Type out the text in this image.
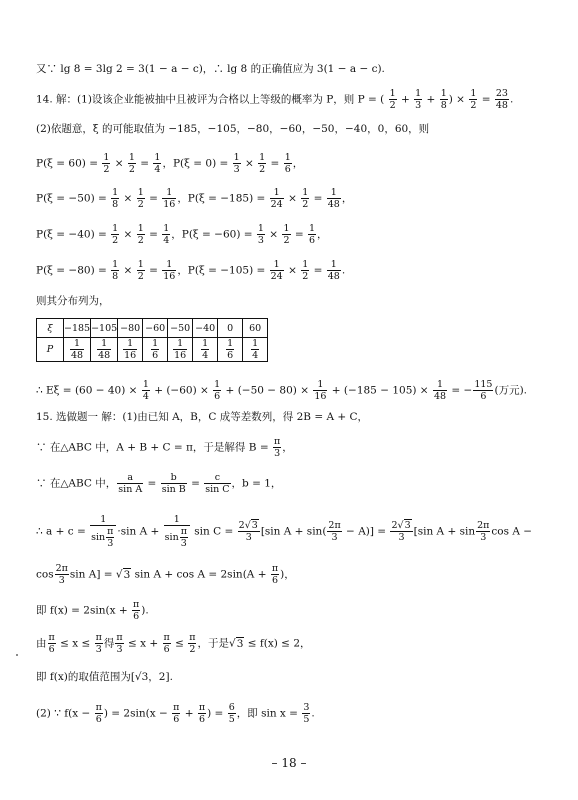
又∵ lg 8 = 3lg 2 = 3(1 − a − c)，∴ lg 8 的正确值应为 3(1 − a − c).
14. 解：(1)设该企业能被抽中且被评为合格以上等级的概率为 P，则 P = ( $\frac{1}{2} + \frac{1}{3} + \frac{1}{8}$ ) × $\frac{1}{2} = \frac{23}{48}$ .
(2)依题意，ξ 的可能取值为 −185，−105，−80，−60，−50，−40，0，60，则
$P(\xi = 60) = \frac{1}{2} \times \frac{1}{2} = \frac{1}{4}$ ，$P(\xi = 0) = \frac{1}{3} \times \frac{1}{2} = \frac{1}{6}$ ，
$P(\xi = -50) = \frac{1}{8} \times \frac{1}{2} = \frac{1}{16}$ ，$P(\xi = -185) = \frac{1}{24} \times \frac{1}{2} = \frac{1}{48}$ ，
$P(\xi = -40) = \frac{1}{2} \times \frac{1}{2} = \frac{1}{4}$ ，$P(\xi = -60) = \frac{1}{3} \times \frac{1}{2} = \frac{1}{6}$ ，
$P(\xi = -80) = \frac{1}{8} \times \frac{1}{2} = \frac{1}{16}$ ，$P(\xi = -105) = \frac{1}{24} \times \frac{1}{2} = \frac{1}{48}$ .
则其分布列为，
ξ	−185	−105	−80	−60	−50	−40	0	60
P	$\frac{1}{48}$	$\frac{1}{48}$	$\frac{1}{16}$	$\frac{1}{6}$	$\frac{1}{16}$	$\frac{1}{4}$	$\frac{1}{6}$	$\frac{1}{4}$
∴ $E\xi = (60 - 40) \times \frac{1}{4} + (-60) \times \frac{1}{6} + (-50 - 80) \times \frac{1}{16} + (-185 - 105) \times \frac{1}{48}$ = − $\frac{115}{6}$ (万元).
15. 选做题一 解：(1)由已知 A，B，C 成等差数列，得 2B = A + C，
∵ 在△ABC 中，A + B + C = π，于是解得 $B = \frac{\pi}{3}$ ，
∵ 在△ABC 中， $\frac{a}{\text{sin A}} = \frac{b}{\text{sin B}} = \frac{c}{\text{sin C}}$ ，b = 1，
∴ $a + c = \frac{1}{\sin \frac{\pi}{3}} \cdot\sin$ $A + \frac{1}{\sin \frac{\pi}{3}}$ $\sin C = \frac{2√3}{3} [\sin$ $A + \sin( \frac{2\pi}{3} - A)] = \frac{2√3}{3} [\sin$ $A + \sin \frac{2\pi}{3}$ cos A −
$\cos \frac{2\pi}{3}$ sin A] = √3 $\sin A + \cos A = 2\sin(A + \frac{\pi}{6}$ )，
即 $f(x) = 2\sin(x + \frac{\pi}{6}$ ).
由 $\frac{\pi}{6} \le x \le \frac{\pi}{3}$ 得 $\frac{\pi}{3} \le x + \frac{\pi}{6} \le \frac{\pi}{2}$ ，于是√3 ≤ f(x) ≤ 2，
即 f(x)的取值范围为[√3，2].
(2) ∵ $f(x - \frac{\pi}{6}$ ) = $2\sin(x - \frac{\pi}{6} + \frac{\pi}{6}$ ) = $\frac{6}{5}$ ，即 $\sin x = \frac{3}{5}$ .
– 18 –
